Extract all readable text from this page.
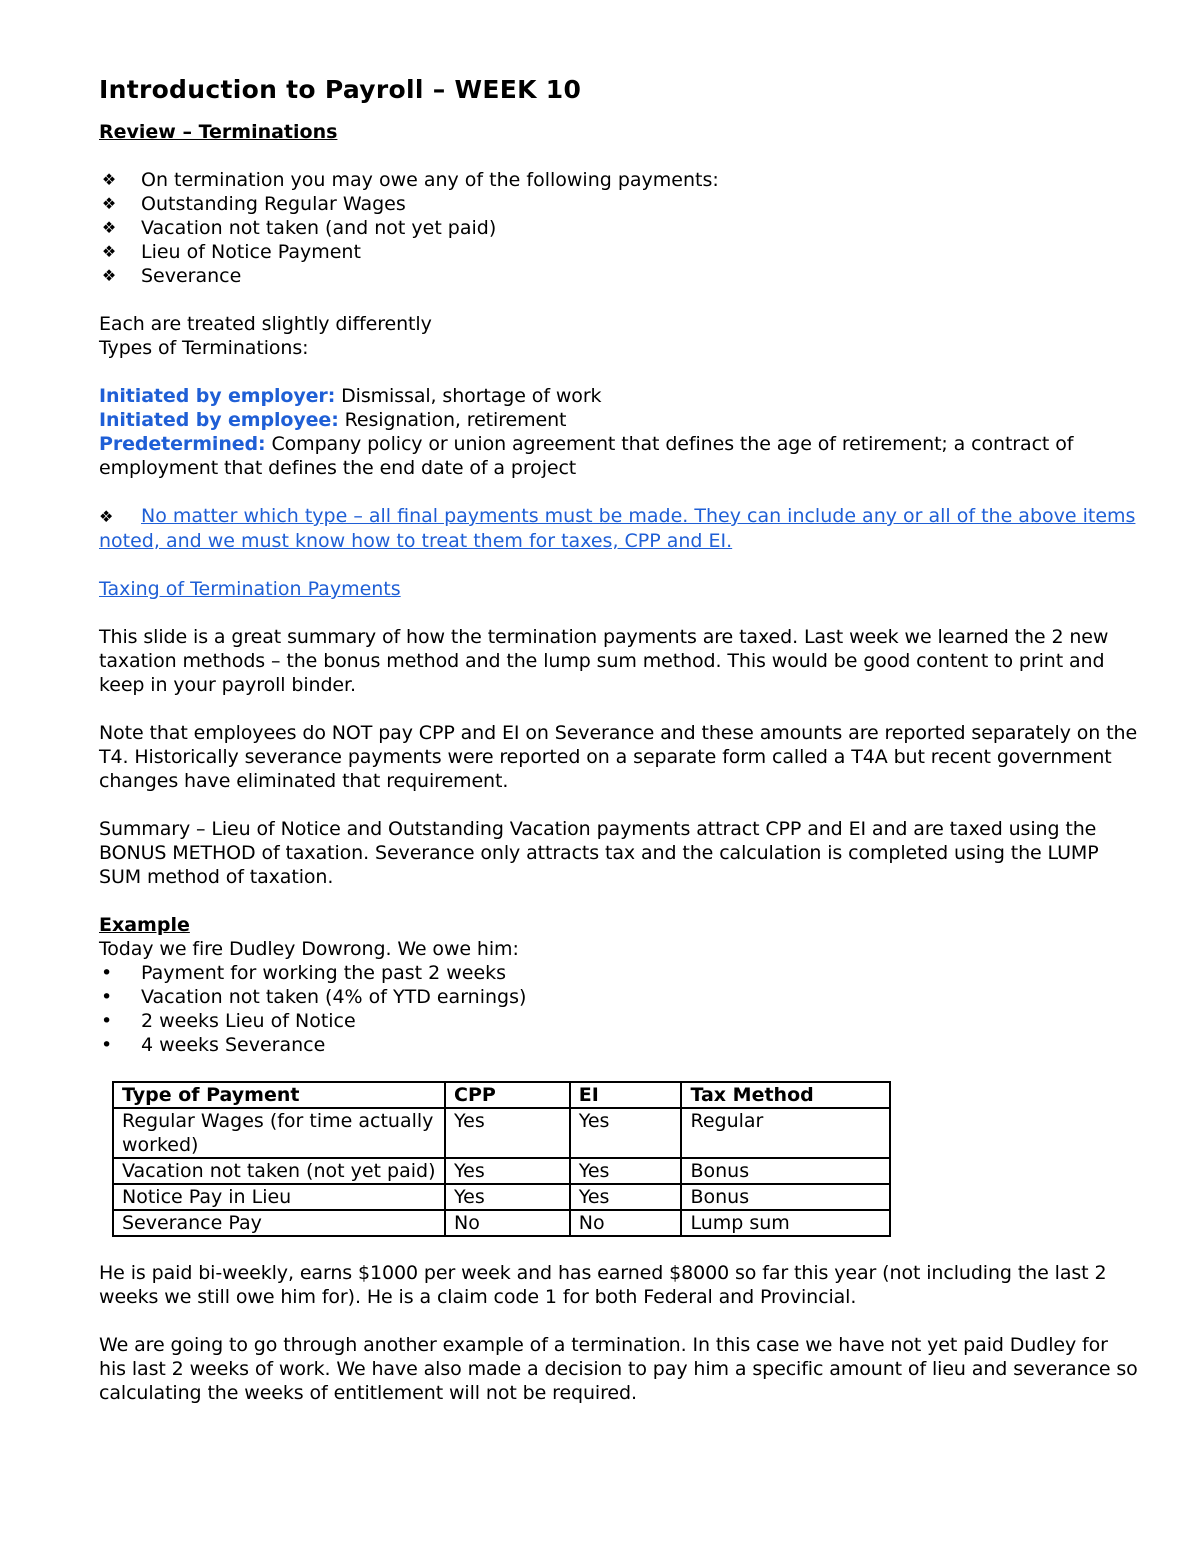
Introduction to Payroll – WEEK 10

Review – Terminations

❖ On termination you may owe any of the following payments:
❖ Outstanding Regular Wages
❖ Vacation not taken (and not yet paid)
❖ Lieu of Notice Payment
❖ Severance

Each are treated slightly differently

Types of Terminations:

Initiated by employer: Dismissal, shortage of work

Initiated by employee: Resignation, retirement

Predetermined: Company policy or union agreement that defines the age of retirement; a contract of employment that defines the end date of a project

❖ No matter which type – all final payments must be made. They can include any or all of the above items noted, and we must know how to treat them for taxes, CPP and EI.

Taxing of Termination Payments

This slide is a great summary of how the termination payments are taxed. Last week we learned the 2 new taxation methods – the bonus method and the lump sum method. This would be good content to print and keep in your payroll binder.

Note that employees do NOT pay CPP and EI on Severance and these amounts are reported separately on the T4. Historically severance payments were reported on a separate form called a T4A but recent government changes have eliminated that requirement.

Summary – Lieu of Notice and Outstanding Vacation payments attract CPP and EI and are taxed using the BONUS METHOD of taxation. Severance only attracts tax and the calculation is completed using the LUMP SUM method of taxation.

Example

Today we fire Dudley Dowrong. We owe him:

• Payment for working the past 2 weeks
• Vacation not taken (4% of YTD earnings)
• 2 weeks Lieu of Notice
• 4 weeks Severance
Type of Payment	CPP	EI	Tax Method
Regular Wages (for time actually worked)	Yes	Yes	Regular
Vacation not taken (not yet paid)	Yes	Yes	Bonus
Notice Pay in Lieu	Yes	Yes	Bonus
Severance Pay	No	No	Lump sum

He is paid bi-weekly, earns $1000 per week and has earned $8000 so far this year (not including the last 2 weeks we still owe him for). He is a claim code 1 for both Federal and Provincial.

We are going to go through another example of a termination. In this case we have not yet paid Dudley for his last 2 weeks of work. We have also made a decision to pay him a specific amount of lieu and severance so calculating the weeks of entitlement will not be required.
